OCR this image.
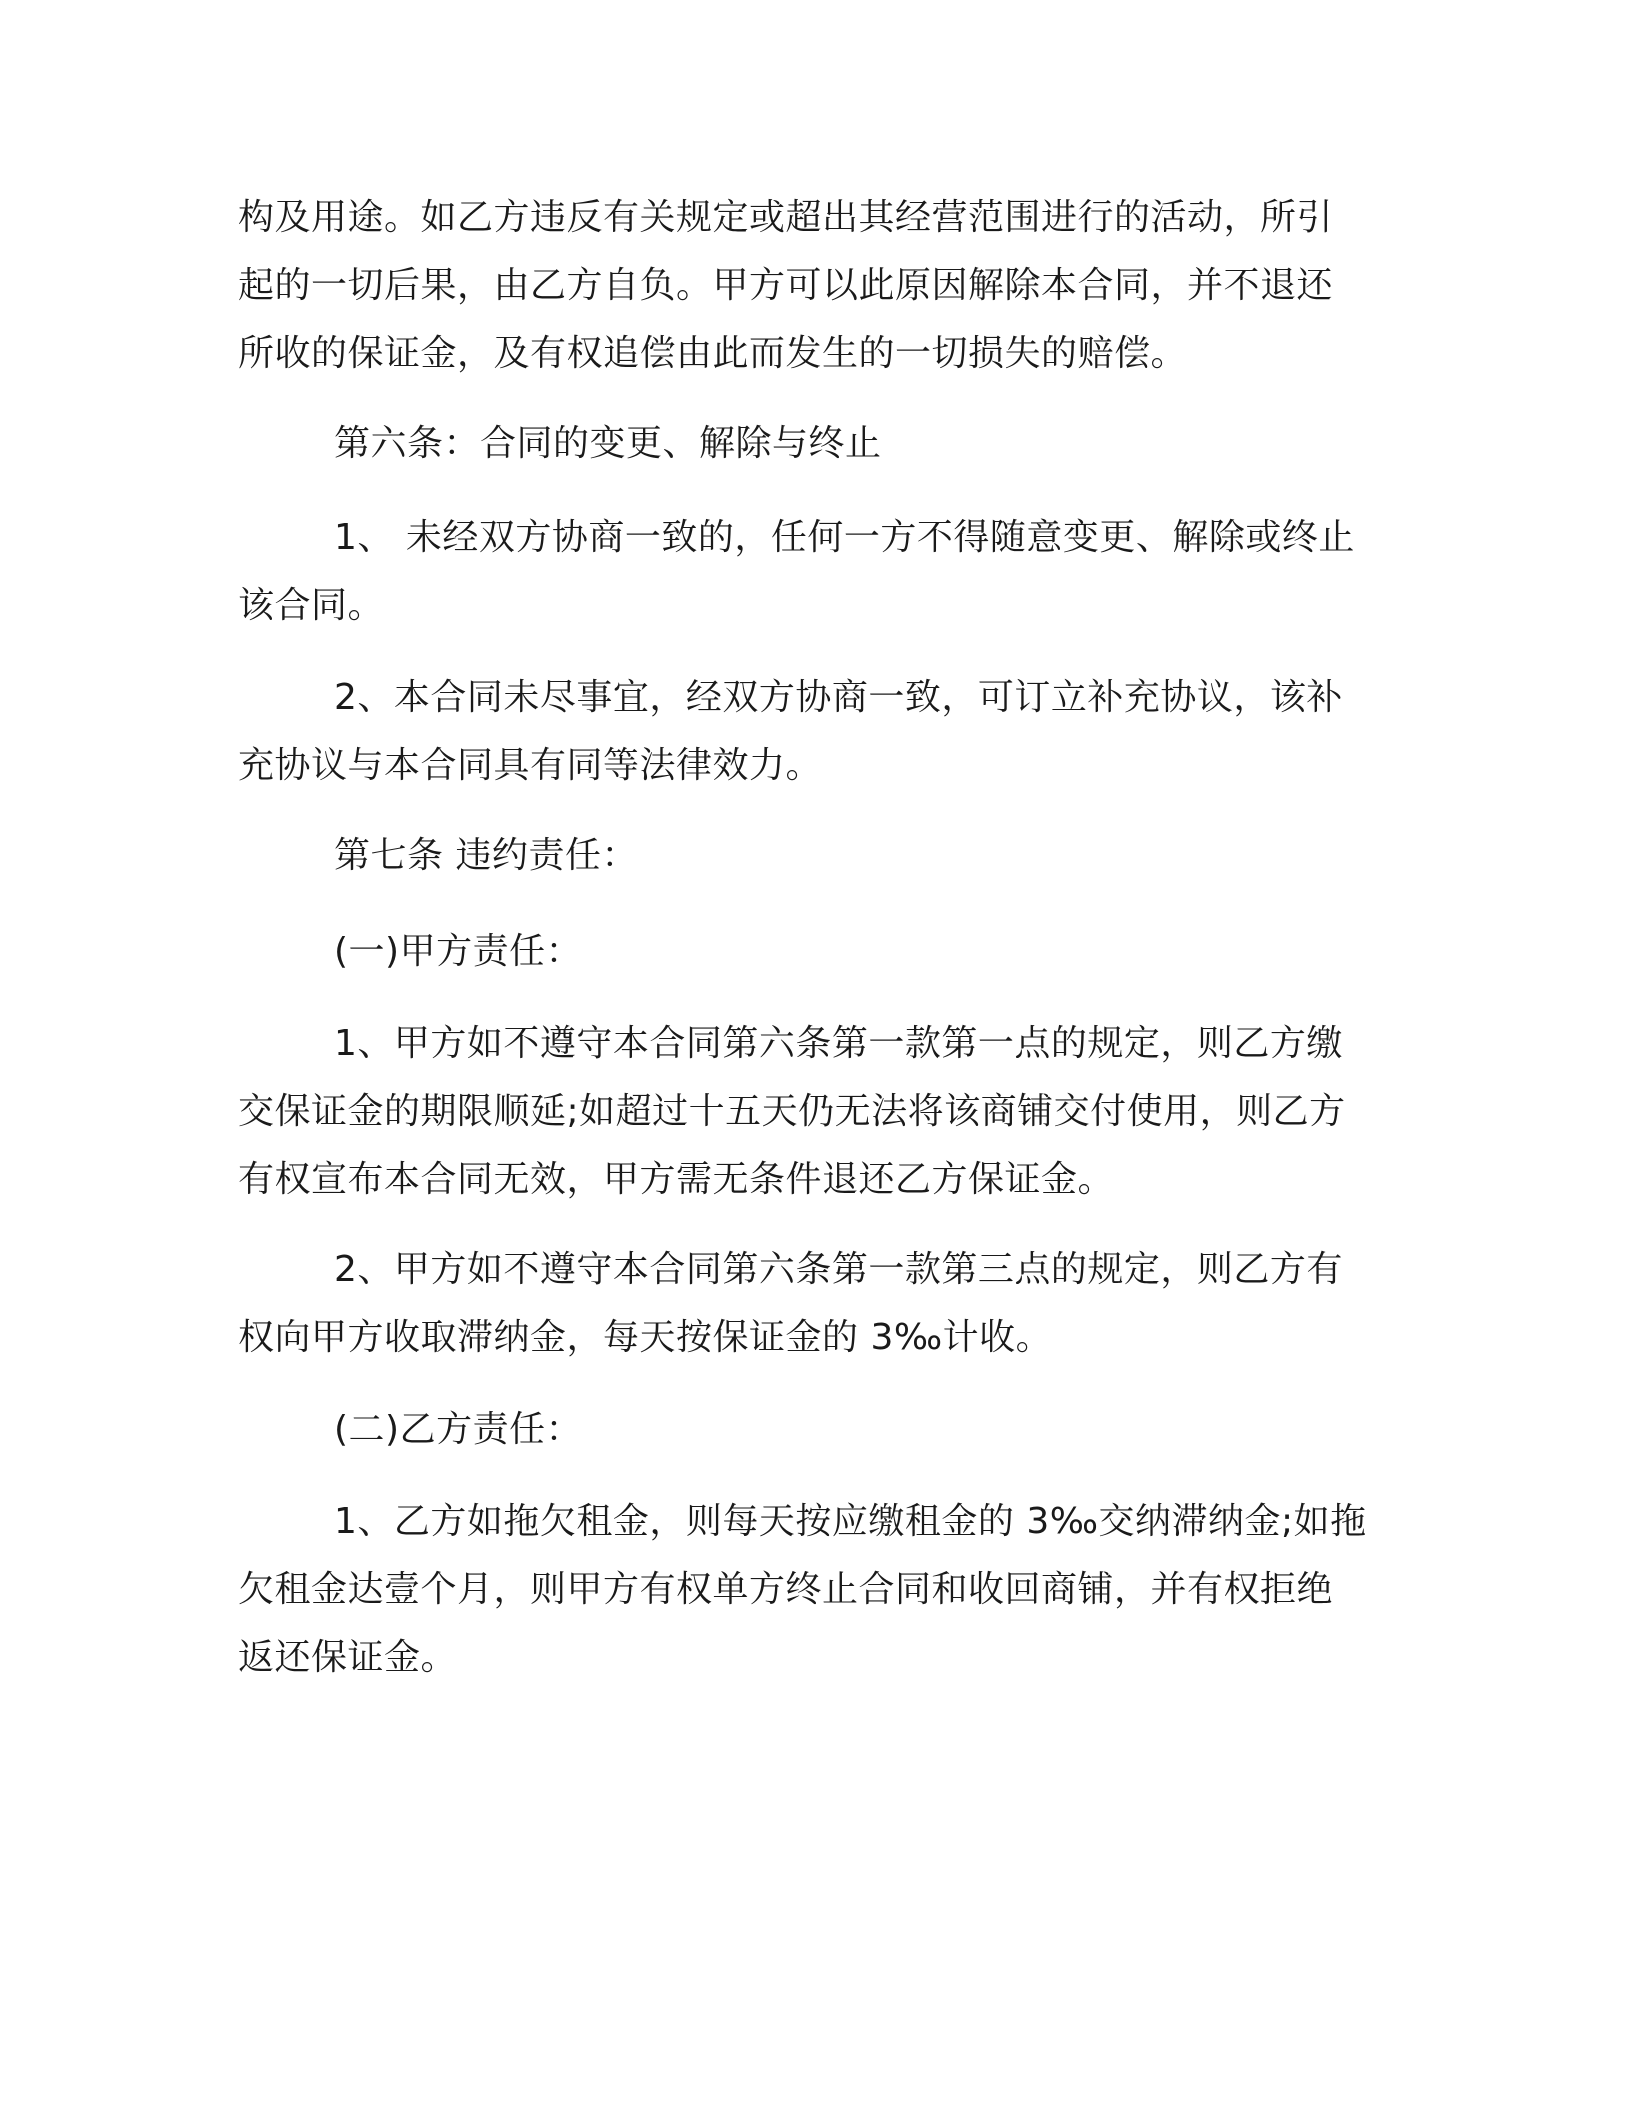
构及用途。如乙方违反有关规定或超出其经营范围进行的活动，所引
起的一切后果，由乙方自负。甲方可以此原因解除本合同，并不退还
所收的保证金，及有权追偿由此而发生的一切损失的赔偿。
第六条：合同的变更、解除与终止
1、 未经双方协商一致的，任何一方不得随意变更、解除或终止
该合同。
2、本合同未尽事宜，经双方协商一致，可订立补充协议，该补
充协议与本合同具有同等法律效力。
第七条 违约责任：
(一)甲方责任：
1、甲方如不遵守本合同第六条第一款第一点的规定，则乙方缴
交保证金的期限顺延;如超过十五天仍无法将该商铺交付使用，则乙方
有权宣布本合同无效，甲方需无条件退还乙方保证金。
2、甲方如不遵守本合同第六条第一款第三点的规定，则乙方有
权向甲方收取滞纳金，每天按保证金的 3‰计收。
(二)乙方责任：
1、乙方如拖欠租金，则每天按应缴租金的 3‰交纳滞纳金;如拖
欠租金达壹个月，则甲方有权单方终止合同和收回商铺，并有权拒绝
返还保证金。
